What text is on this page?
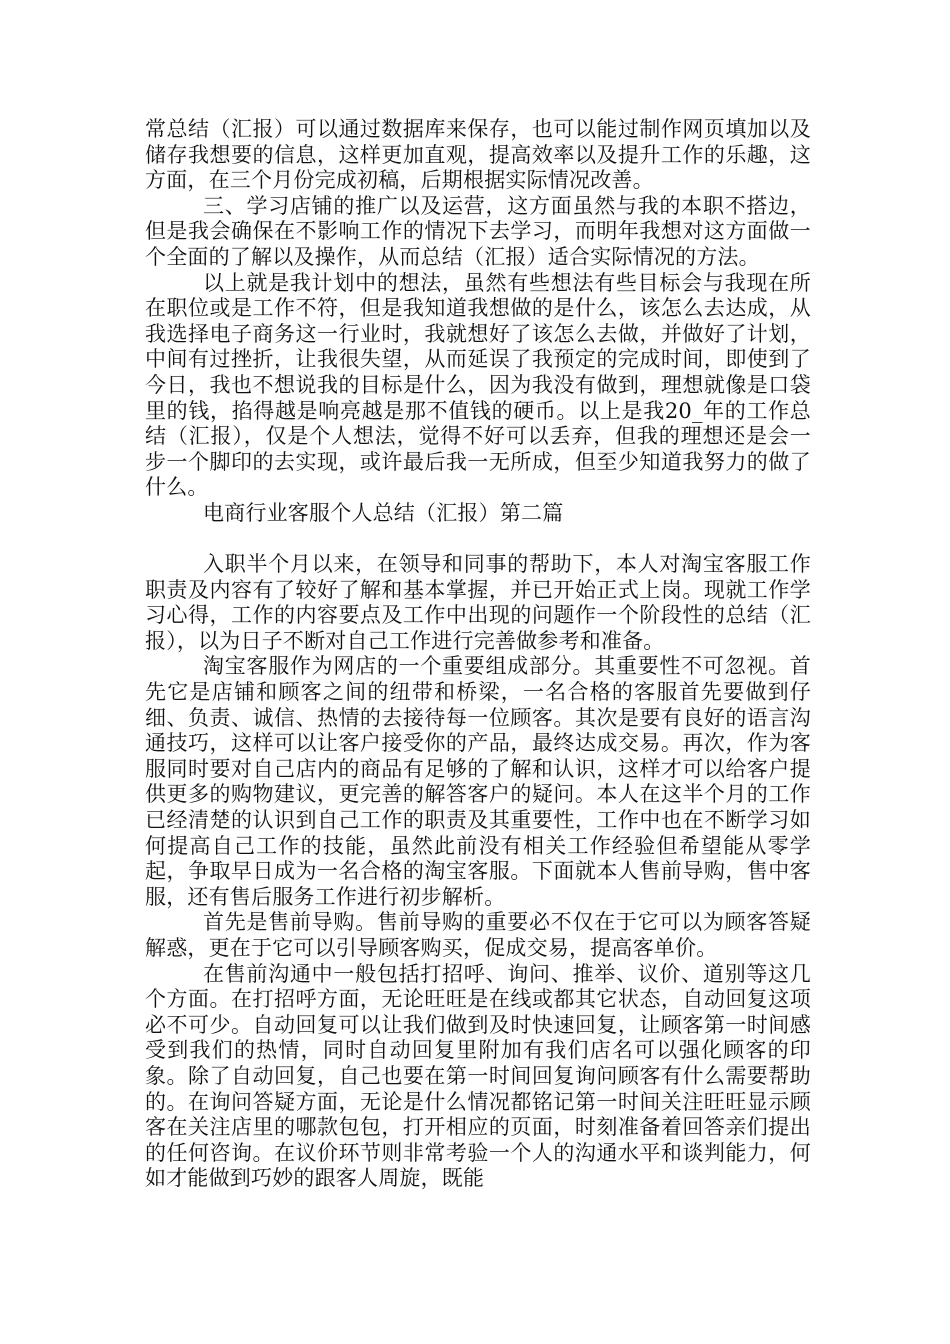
常总结（汇报）可以通过数据库来保存，也可以能过制作网页填加以及储存我想要的信息，这样更加直观，提高效率以及提升工作的乐趣，这方面，在三个月份完成初稿，后期根据实际情况改善。

三、学习店铺的推广以及运营，这方面虽然与我的本职不搭边，但是我会确保在不影响工作的情况下去学习，而明年我想对这方面做一个全面的了解以及操作，从而总结（汇报）适合实际情况的方法。

以上就是我计划中的想法，虽然有些想法有些目标会与我现在所在职位或是工作不符，但是我知道我想做的是什么，该怎么去达成，从我选择电子商务这一行业时，我就想好了该怎么去做，并做好了计划，中间有过挫折，让我很失望，从而延误了我预定的完成时间，即使到了今日，我也不想说我的目标是什么，因为我没有做到，理想就像是口袋里的钱，掐得越是响亮越是那不值钱的硬币。以上是我20_年的工作总结（汇报），仅是个人想法，觉得不好可以丢弃，但我的理想还是会一步一个脚印的去实现，或许最后我一无所成，但至少知道我努力的做了什么。

电商行业客服个人总结（汇报）第二篇

入职半个月以来，在领导和同事的帮助下，本人对淘宝客服工作职责及内容有了较好了解和基本掌握，并已开始正式上岗。现就工作学习心得，工作的内容要点及工作中出现的问题作一个阶段性的总结（汇报），以为日子不断对自己工作进行完善做参考和准备。

淘宝客服作为网店的一个重要组成部分。其重要性不可忽视。首先它是店铺和顾客之间的纽带和桥梁，一名合格的客服首先要做到仔细、负责、诚信、热情的去接待每一位顾客。其次是要有良好的语言沟通技巧，这样可以让客户接受你的产品，最终达成交易。再次，作为客服同时要对自己店内的商品有足够的了解和认识，这样才可以给客户提供更多的购物建议，更完善的解答客户的疑问。本人在这半个月的工作已经清楚的认识到自己工作的职责及其重要性，工作中也在不断学习如何提高自己工作的技能，虽然此前没有相关工作经验但希望能从零学起，争取早日成为一名合格的淘宝客服。下面就本人售前导购，售中客服，还有售后服务工作进行初步解析。

首先是售前导购。售前导购的重要必不仅在于它可以为顾客答疑解惑，更在于它可以引导顾客购买，促成交易，提高客单价。

在售前沟通中一般包括打招呼、询问、推举、议价、道别等这几个方面。在打招呼方面，无论旺旺是在线或都其它状态，自动回复这项必不可少。自动回复可以让我们做到及时快速回复，让顾客第一时间感受到我们的热情，同时自动回复里附加有我们店名可以强化顾客的印象。除了自动回复，自己也要在第一时间回复询问顾客有什么需要帮助的。在询问答疑方面，无论是什么情况都铭记第一时间关注旺旺显示顾客在关注店里的哪款包包，打开相应的页面，时刻准备着回答亲们提出的任何咨询。在议价环节则非常考验一个人的沟通水平和谈判能力，何如才能做到巧妙的跟客人周旋，既能
